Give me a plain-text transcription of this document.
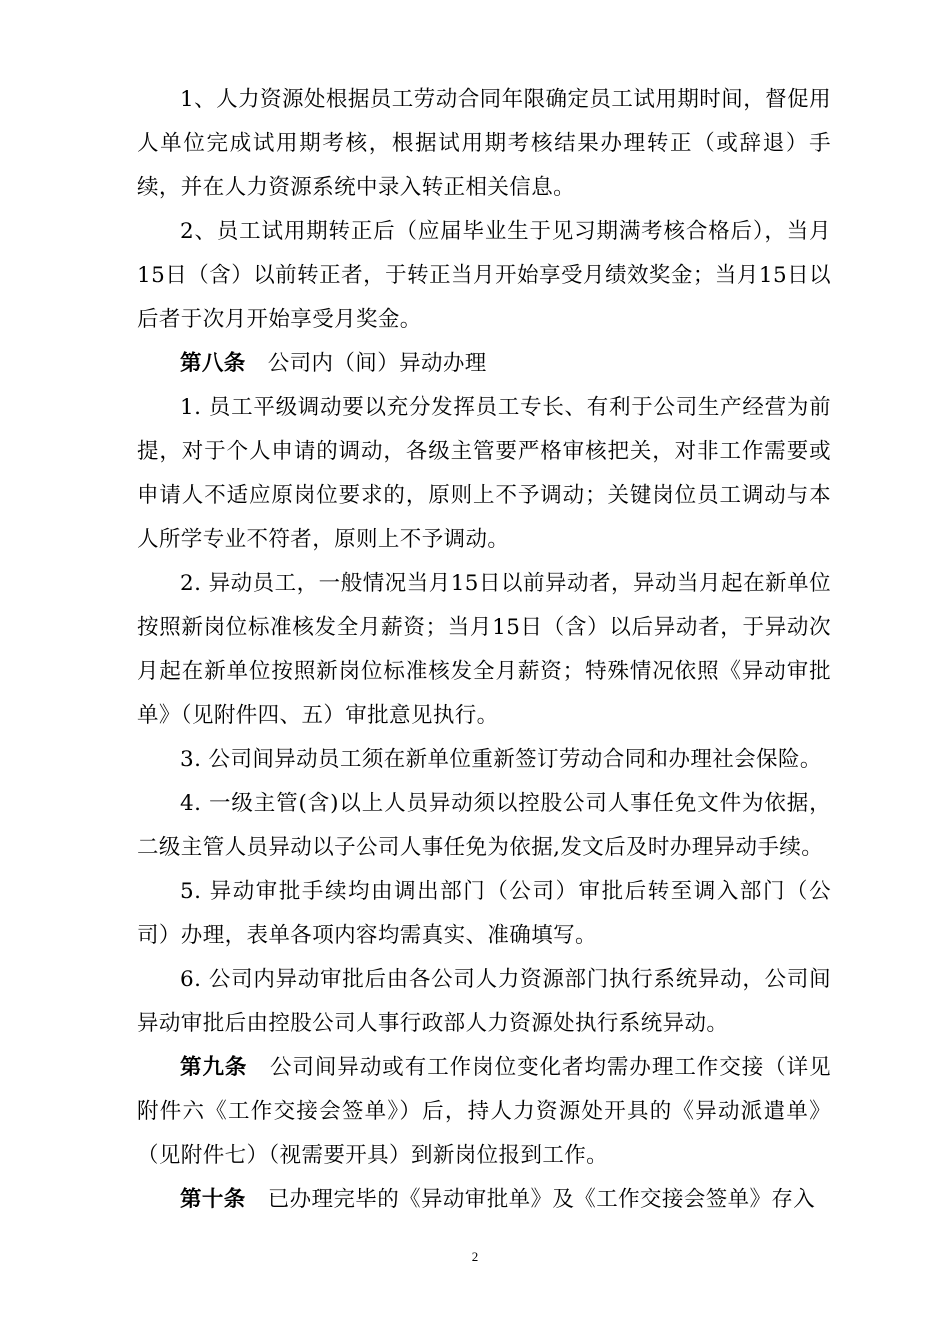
1、人力资源处根据员工劳动合同年限确定员工试用期时间，督促用人单位完成试用期考核，根据试用期考核结果办理转正（或辞退）手续，并在人力资源系统中录入转正相关信息。

2、员工试用期转正后（应届毕业生于见习期满考核合格后），当月15日（含）以前转正者，于转正当月开始享受月绩效奖金；当月15日以后者于次月开始享受月奖金。

第八条 公司内（间）异动办理

1. 员工平级调动要以充分发挥员工专长、有利于公司生产经营为前提，对于个人申请的调动，各级主管要严格审核把关，对非工作需要或申请人不适应原岗位要求的，原则上不予调动；关键岗位员工调动与本人所学专业不符者，原则上不予调动。

2. 异动员工，一般情况当月15日以前异动者，异动当月起在新单位按照新岗位标准核发全月薪资；当月15日（含）以后异动者，于异动次月起在新单位按照新岗位标准核发全月薪资；特殊情况依照《异动审批单》（见附件四、五）审批意见执行。

3. 公司间异动员工须在新单位重新签订劳动合同和办理社会保险。

4. 一级主管(含)以上人员异动须以控股公司人事任免文件为依据，二级主管人员异动以子公司人事任免为依据,发文后及时办理异动手续。

5. 异动审批手续均由调出部门（公司）审批后转至调入部门（公司）办理，表单各项内容均需真实、准确填写。

6. 公司内异动审批后由各公司人力资源部门执行系统异动，公司间异动审批后由控股公司人事行政部人力资源处执行系统异动。

第九条 公司间异动或有工作岗位变化者均需办理工作交接（详见附件六《工作交接会签单》）后，持人力资源处开具的《异动派遣单》（见附件七）（视需要开具）到新岗位报到工作。

第十条 已办理完毕的《异动审批单》及《工作交接会签单》存入

2
